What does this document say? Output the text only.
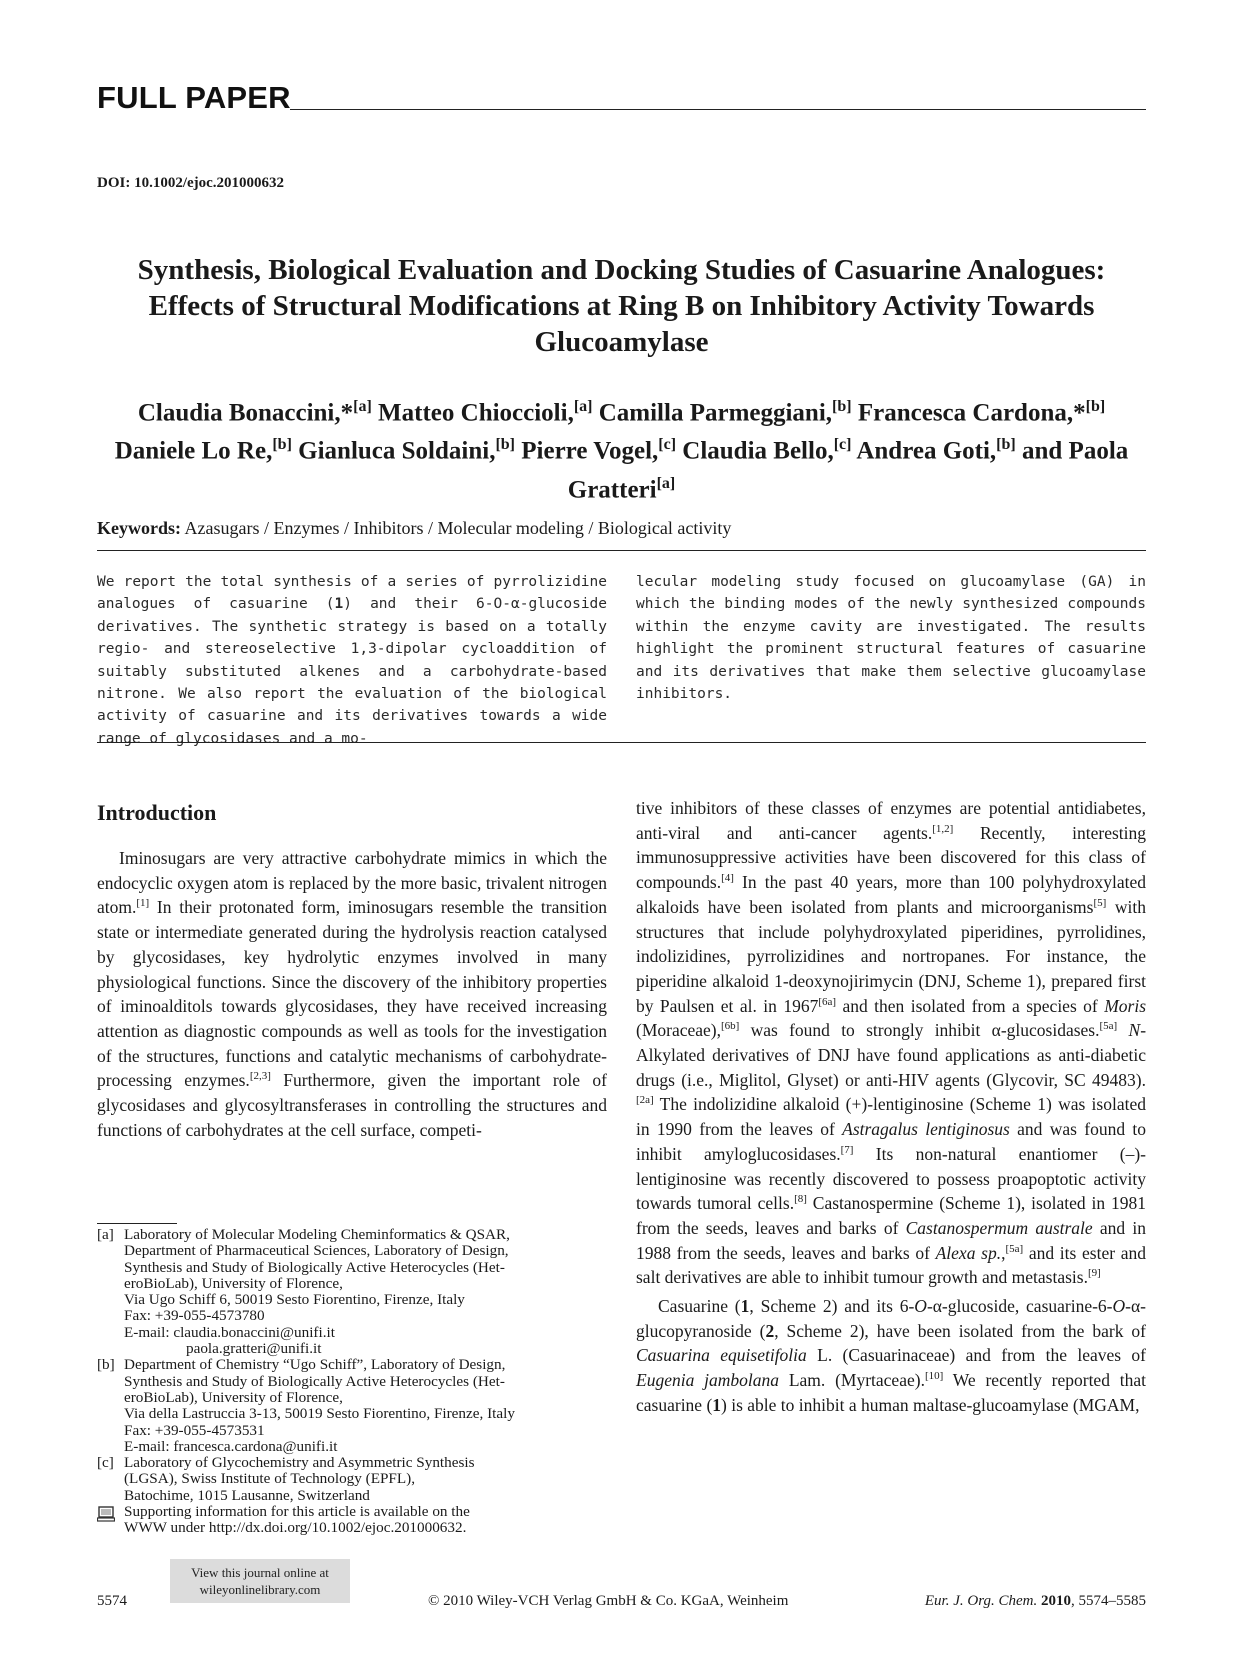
FULL PAPER
DOI: 10.1002/ejoc.201000632
Synthesis, Biological Evaluation and Docking Studies of Casuarine Analogues:
Effects of Structural Modifications at Ring B on Inhibitory Activity Towards
Glucoamylase
Claudia Bonaccini,*[a] Matteo Chioccioli,[a] Camilla Parmeggiani,[b] Francesca Cardona,*[b] Daniele Lo Re,[b] Gianluca Soldaini,[b] Pierre Vogel,[c] Claudia Bello,[c] Andrea Goti,[b] and Paola Gratteri[a]
Keywords: Azasugars / Enzymes / Inhibitors / Molecular modeling / Biological activity
We report the total synthesis of a series of pyrrolizidine analogues of casuarine (1) and their 6-O-α-glucoside derivatives. The synthetic strategy is based on a totally regio- and stereoselective 1,3-dipolar cycloaddition of suitably substituted alkenes and a carbohydrate-based nitrone. We also report the evaluation of the biological activity of casuarine and its derivatives towards a wide range of glycosidases and a mo-
lecular modeling study focused on glucoamylase (GA) in which the binding modes of the newly synthesized compounds within the enzyme cavity are investigated. The results highlight the prominent structural features of casuarine and its derivatives that make them selective glucoamylase inhibitors.
Introduction

Iminosugars are very attractive carbohydrate mimics in which the endocyclic oxygen atom is replaced by the more basic, trivalent nitrogen atom.[1] In their protonated form, iminosugars resemble the transition state or intermediate generated during the hydrolysis reaction catalysed by glycosidases, key hydrolytic enzymes involved in many physiological functions. Since the discovery of the inhibitory properties of iminoalditols towards glycosidases, they have received increasing attention as diagnostic compounds as well as tools for the investigation of the structures, functions and catalytic mechanisms of carbohydrate-processing enzymes.[2,3] Furthermore, given the important role of glycosidases and glycosyltransferases in controlling the structures and functions of carbohydrates at the cell surface, competi-

tive inhibitors of these classes of enzymes are potential antidiabetes, anti-viral and anti-cancer agents.[1,2] Recently, interesting immunosuppressive activities have been discovered for this class of compounds.[4] In the past 40 years, more than 100 polyhydroxylated alkaloids have been isolated from plants and microorganisms[5] with structures that include polyhydroxylated piperidines, pyrrolidines, indolizidines, pyrrolizidines and nortropanes. For instance, the piperidine alkaloid 1-deoxynojirimycin (DNJ, Scheme 1), prepared first by Paulsen et al. in 1967[6a] and then isolated from a species of Moris (Moraceae),[6b] was found to strongly inhibit α-glucosidases.[5a] N-Alkylated derivatives of DNJ have found applications as anti-diabetic drugs (i.e., Miglitol, Glyset) or anti-HIV agents (Glycovir, SC 49483).[2a] The indolizidine alkaloid (+)-lentiginosine (Scheme 1) was isolated in 1990 from the leaves of Astragalus lentiginosus and was found to inhibit amyloglucosidases.[7] Its non-natural enantiomer (–)-lentiginosine was recently discovered to possess proapoptotic activity towards tumoral cells.[8] Castanospermine (Scheme 1), isolated in 1981 from the seeds, leaves and barks of Castanospermum australe and in 1988 from the seeds, leaves and barks of Alexa sp.,[5a] and its ester and salt derivatives are able to inhibit tumour growth and metastasis.[9]

Casuarine (1, Scheme 2) and its 6-O-α-glucoside, casuarine-6-O-α-glucopyranoside (2, Scheme 2), have been isolated from the bark of Casuarina equisetifolia L. (Casuarinaceae) and from the leaves of Eugenia jambolana Lam. (Myrtaceae).[10] We recently reported that casuarine (1) is able to inhibit a human maltase-glucoamylase (MGAM,

[a] Laboratory of Molecular Modeling Cheminformatics & QSAR,
Department of Pharmaceutical Sciences, Laboratory of Design,
Synthesis and Study of Biologically Active Heterocycles (Het-
eroBioLab), University of Florence,
Via Ugo Schiff 6, 50019 Sesto Fiorentino, Firenze, Italy
Fax: +39-055-4573780
E-mail: claudia.bonaccini@unifi.it
paola.gratteri@unifi.it
[b] Department of Chemistry “Ugo Schiff”, Laboratory of Design,
Synthesis and Study of Biologically Active Heterocycles (Het-
eroBioLab), University of Florence,
Via della Lastruccia 3-13, 50019 Sesto Fiorentino, Firenze, Italy
Fax: +39-055-4573531
E-mail: francesca.cardona@unifi.it
[c] Laboratory of Glycochemistry and Asymmetric Synthesis
(LGSA), Swiss Institute of Technology (EPFL),
Batochime, 1015 Lausanne, Switzerland
Supporting information for this article is available on the
WWW under http://dx.doi.org/10.1002/ejoc.201000632.
5574
View this journal online at
wileyonlinelibrary.com
© 2010 Wiley-VCH Verlag GmbH & Co. KGaA, Weinheim	Eur. J. Org. Chem. 2010, 5574–5585
